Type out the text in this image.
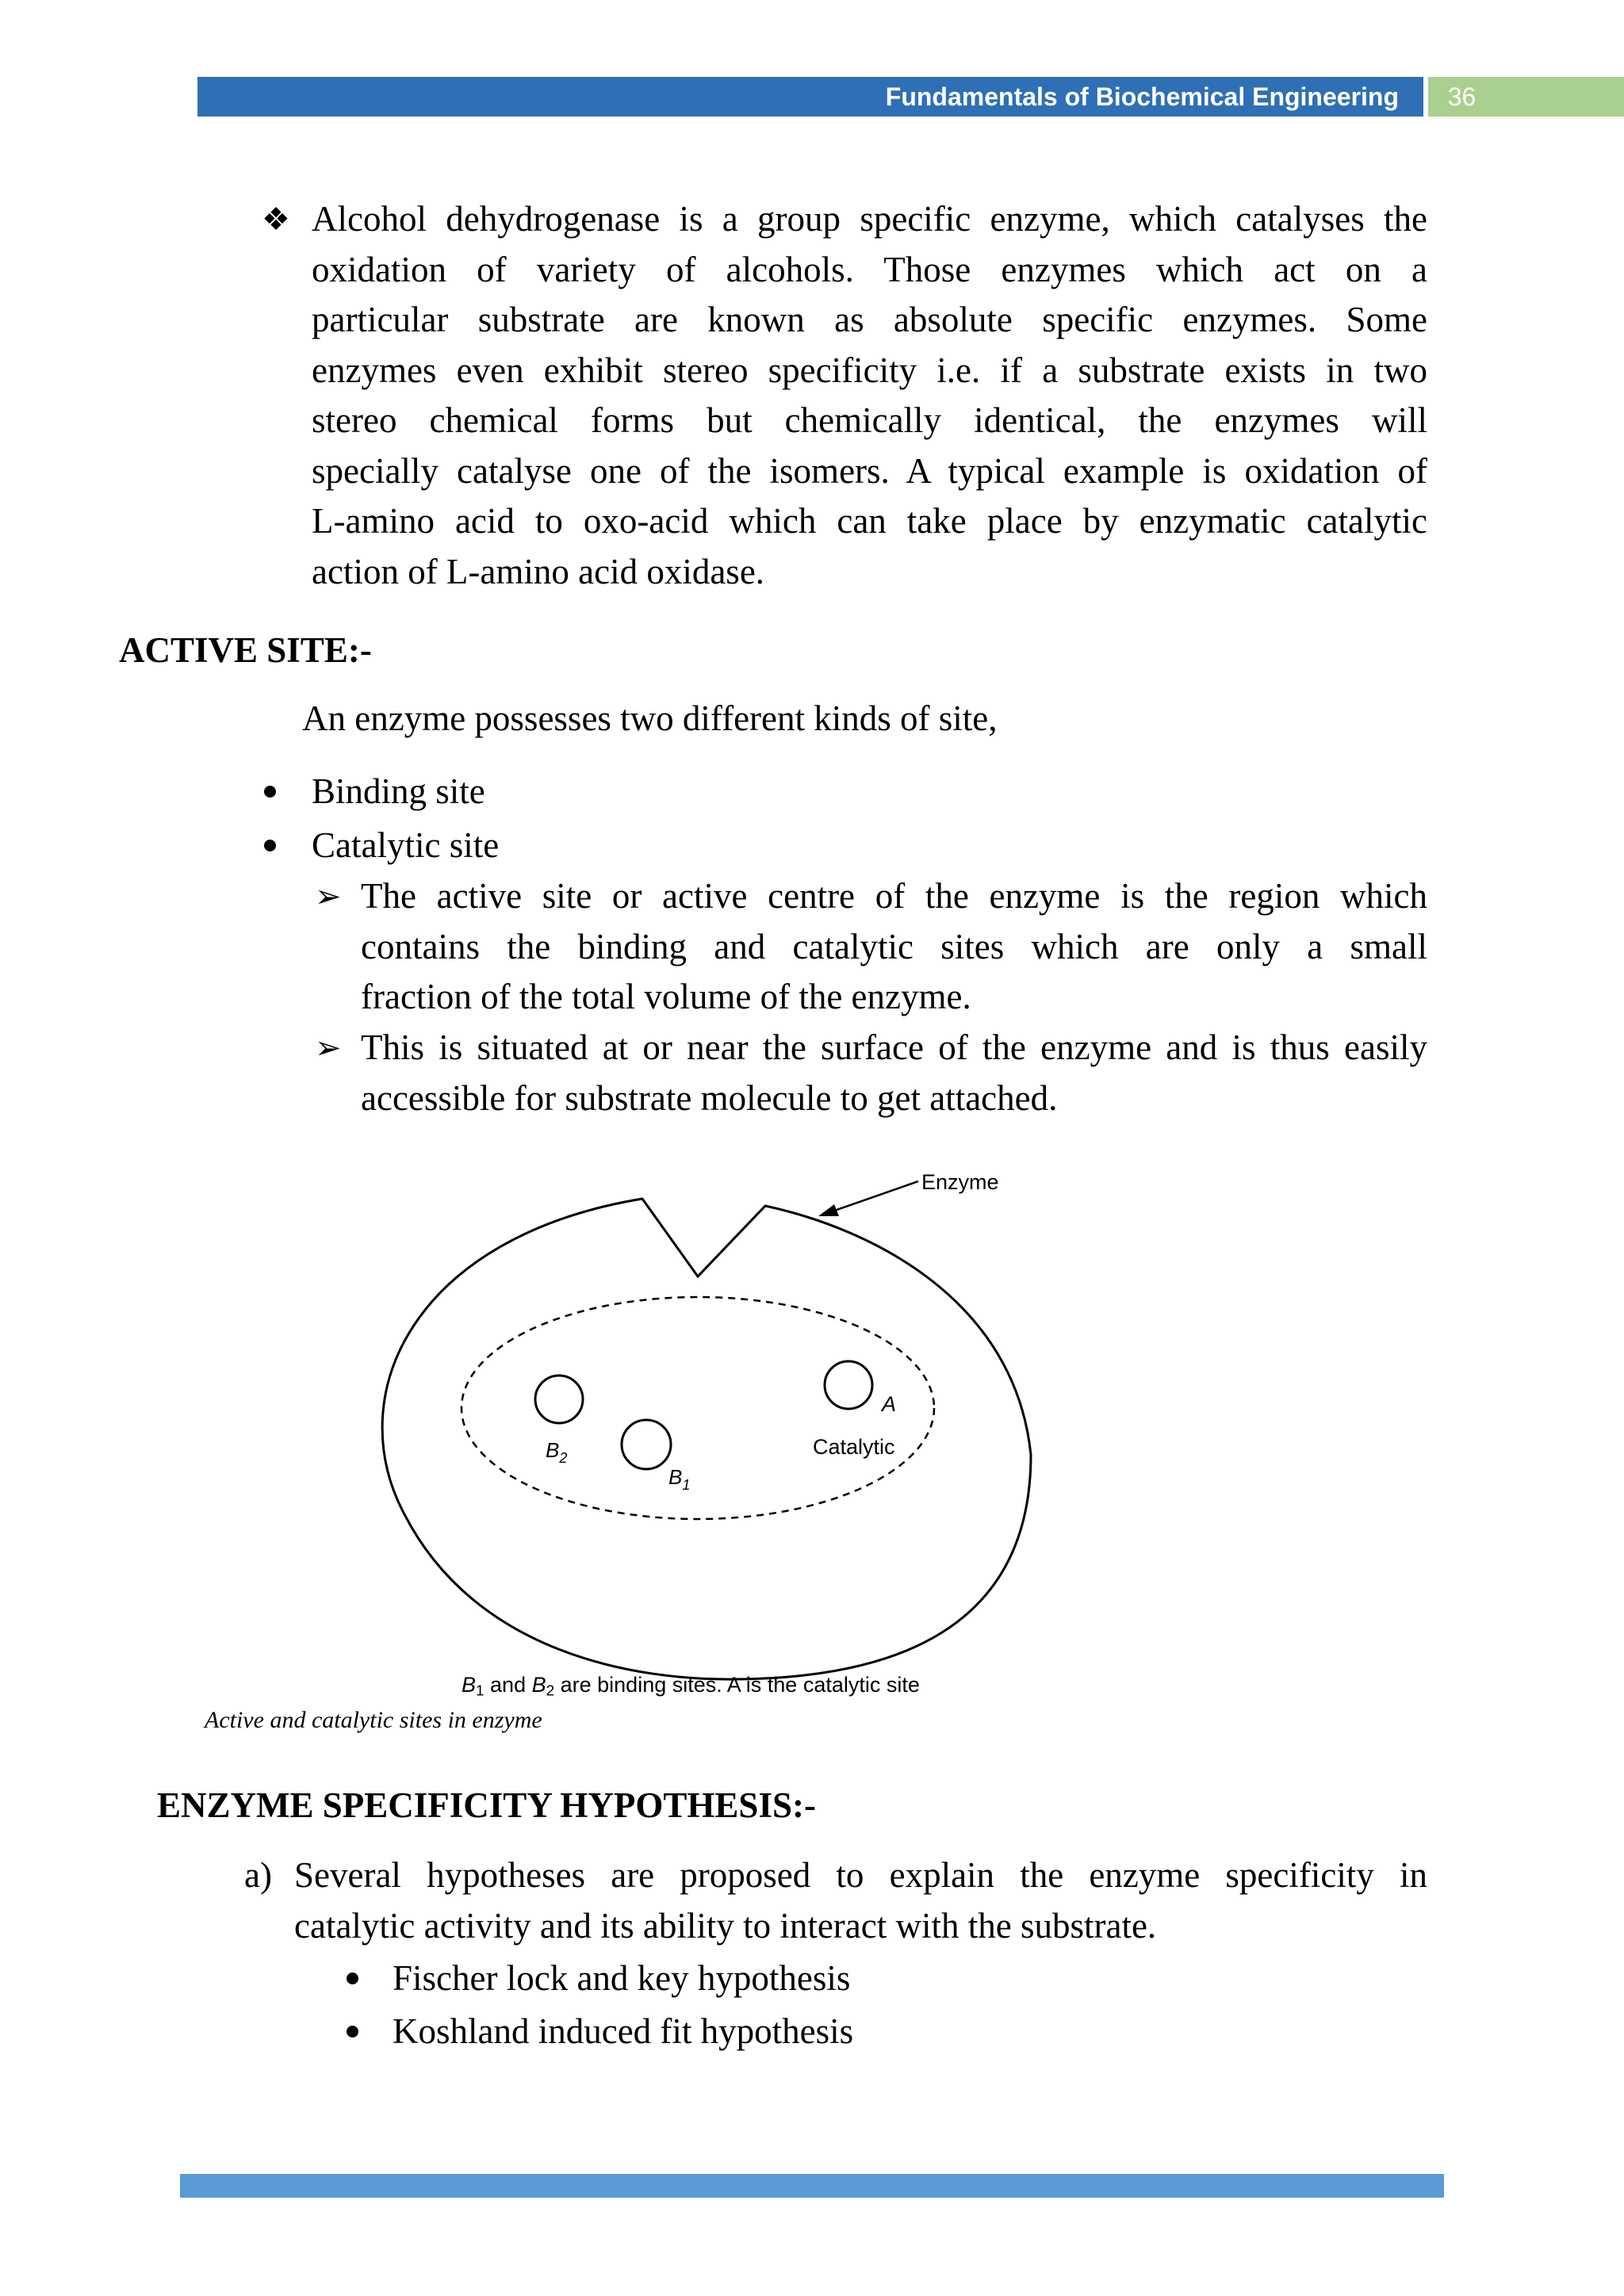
Fundamentals of Biochemical Engineering	36
❖ Alcohol dehydrogenase is a group specific enzyme, which catalyses the
oxidation of variety of alcohols. Those enzymes which act on a
particular substrate are known as absolute specific enzymes. Some
enzymes even exhibit stereo specificity i.e. if a substrate exists in two
stereo chemical forms but chemically identical, the enzymes will
specially catalyse one of the isomers. A typical example is oxidation of
L-amino acid to oxo-acid which can take place by enzymatic catalytic
action of L-amino acid oxidase.
ACTIVE SITE:-
An enzyme possesses two different kinds of site,
Binding site
Catalytic site
➢ The active site or active centre of the enzyme is the region which
contains the binding and catalytic sites which are only a small
fraction of the total volume of the enzyme.
➢ This is situated at or near the surface of the enzyme and is thus easily
accessible for substrate molecule to get attached.
Enzyme
$B_2$
$B_1$
A
Catalytic
$B_1$ and $B_2$ are binding sites. A is the catalytic site
Active and catalytic sites in enzyme
ENZYME SPECIFICITY HYPOTHESIS:-
a) Several hypotheses are proposed to explain the enzyme specificity in
catalytic activity and its ability to interact with the substrate.
Fischer lock and key hypothesis
Koshland induced fit hypothesis
